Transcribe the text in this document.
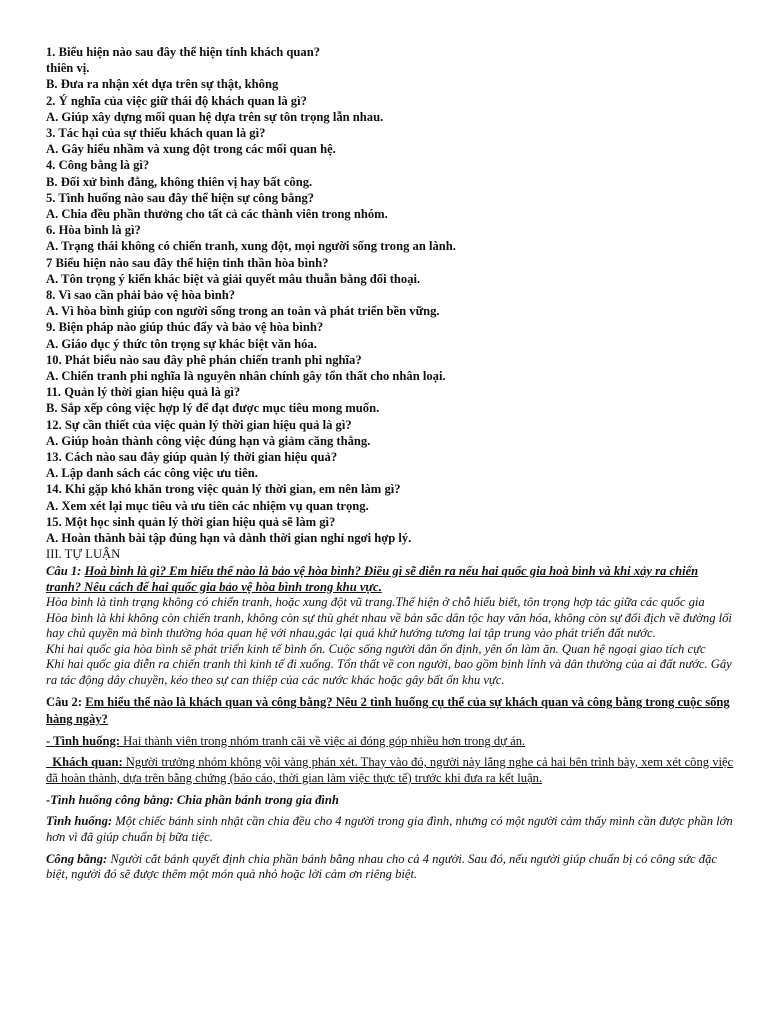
1. Biểu hiện nào sau đây thể hiện tính khách quan?
thiên vị.
B. Đưa ra nhận xét dựa trên sự thật, không
2. Ý nghĩa của việc giữ thái độ khách quan là gì?
A. Giúp xây dựng mối quan hệ dựa trên sự tôn trọng lẫn nhau.
3. Tác hại của sự thiếu khách quan là gì?
A. Gây hiểu nhầm và xung đột trong các mối quan hệ.
4. Công bằng là gì?
B. Đối xử bình đẳng, không thiên vị hay bất công.
5. Tình huống nào sau đây thể hiện sự công bằng?
A. Chia đều phần thưởng cho tất cả các thành viên trong nhóm.
6. Hòa bình là gì?
A. Trạng thái không có chiến tranh, xung đột, mọi người sống trong an lành.
7 Biểu hiện nào sau đây thể hiện tinh thần hòa bình?
A. Tôn trọng ý kiến khác biệt và giải quyết mâu thuẫn bằng đối thoại.
8. Vì sao cần phải bảo vệ hòa bình?
A. Vì hòa bình giúp con người sống trong an toàn và phát triển bền vững.
9. Biện pháp nào giúp thúc đẩy và bảo vệ hòa bình?
A. Giáo dục ý thức tôn trọng sự khác biệt văn hóa.
10. Phát biểu nào sau đây phê phán chiến tranh phi nghĩa?
A. Chiến tranh phi nghĩa là nguyên nhân chính gây tổn thất cho nhân loại.
11. Quản lý thời gian hiệu quả là gì?
B. Sắp xếp công việc hợp lý để đạt được mục tiêu mong muốn.
12. Sự cần thiết của việc quản lý thời gian hiệu quả là gì?
A. Giúp hoàn thành công việc đúng hạn và giảm căng thẳng.
13. Cách nào sau đây giúp quản lý thời gian hiệu quả?
A. Lập danh sách các công việc ưu tiên.
14. Khi gặp khó khăn trong việc quản lý thời gian, em nên làm gì?
A. Xem xét lại mục tiêu và ưu tiên các nhiệm vụ quan trọng.
15. Một học sinh quản lý thời gian hiệu quả sẽ làm gì?
A. Hoàn thành bài tập đúng hạn và dành thời gian nghỉ ngơi hợp lý.
III. TỰ LUẬN
Câu 1: Hoà bình là gì? Em hiểu thế nào là bảo vệ hòa bình? Điều gì sẽ diễn ra nếu hai quốc gia hoà bình và khi xảy ra chiến tranh? Nêu cách để hai quốc gia bảo vệ hòa bình trong khu vực.
Hòa bình là tình trạng không có chiến tranh, hoặc xung đột vũ trang.Thể hiện ở chỗ hiểu biết, tôn trọng hợp tác giữa các quốc gia
Hòa bình là khi không còn chiến tranh, không còn sự thù ghét nhau về bản sắc dân tộc hay văn hóa, không còn sự đối địch về đường lối hay chủ quyền mà bình thường hóa quan hệ với nhau,gác lại quá khứ hướng tương lai tập trung vào phát triển đất nước.
Khi hai quốc gia hòa bình sẽ phát triển kinh tế bình ổn. Cuộc sống người dân ổn định, yên ổn làm ăn. Quan hệ ngoại giao tích cực
Khi hai quốc gia diễn ra chiến tranh thì kinh tế đi xuống. Tổn thất về con người, bao gồm binh lính và dân thường của ai đất nước. Gây ra tác động dây chuyền, kéo theo sự can thiệp của các nước khác hoặc gây bất ổn khu vực.
Câu 2: Em hiểu thế nào là khách quan và công bằng? Nêu 2 tình huống cụ thể của sự khách quan và công bằng trong cuộc sống hàng ngày?
- Tình huống: Hai thành viên trong nhóm tranh cãi về việc ai đóng góp nhiều hơn trong dự án.
Khách quan: Người trưởng nhóm không vội vàng phán xét. Thay vào đó, người này lắng nghe cả hai bên trình bày, xem xét công việc đã hoàn thành, dựa trên bằng chứng (báo cáo, thời gian làm việc thực tế) trước khi đưa ra kết luận.
-Tình huống công bằng: Chia phần bánh trong gia đình
Tình huống: Một chiếc bánh sinh nhật cần chia đều cho 4 người trong gia đình, nhưng có một người cảm thấy mình cần được phần lớn hơn vì đã giúp chuẩn bị bữa tiệc.
Công bằng: Người cắt bánh quyết định chia phần bánh bằng nhau cho cả 4 người. Sau đó, nếu người giúp chuẩn bị có công sức đặc biệt, người đó sẽ được thêm một món quà nhỏ hoặc lời cảm ơn riêng biệt.
